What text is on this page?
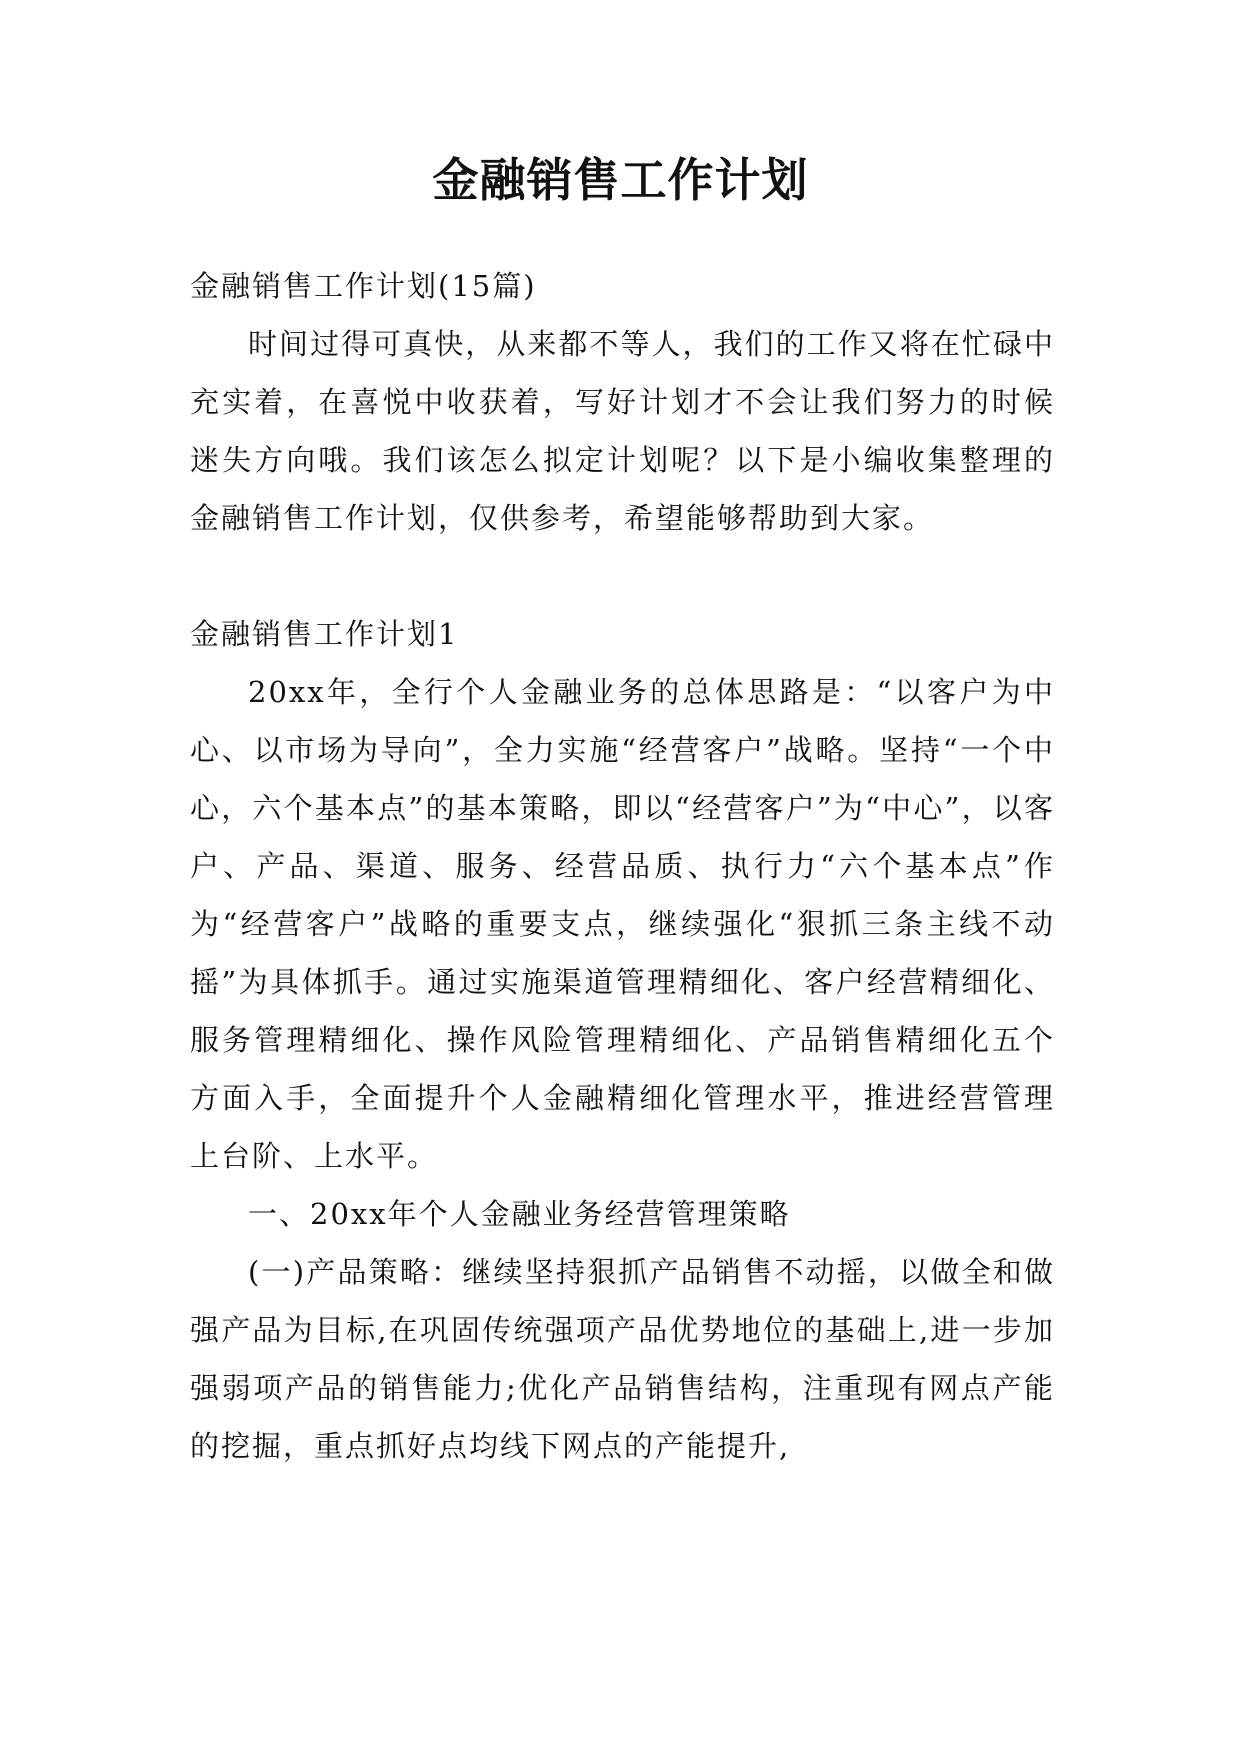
金融销售工作计划

金融销售工作计划(15篇)

时间过得可真快，从来都不等人，我们的工作又将在忙碌中充实着，在喜悦中收获着，写好计划才不会让我们努力的时候迷失方向哦。我们该怎么拟定计划呢？以下是小编收集整理的金融销售工作计划，仅供参考，希望能够帮助到大家。

金融销售工作计划1

20xx年，全行个人金融业务的总体思路是：“以客户为中心、以市场为导向”，全力实施“经营客户”战略。坚持“一个中心，六个基本点”的基本策略，即以“经营客户”为“中心”，以客户、产品、渠道、服务、经营品质、执行力“六个基本点”作为“经营客户”战略的重要支点，继续强化“狠抓三条主线不动摇”为具体抓手。通过实施渠道管理精细化、客户经营精细化、服务管理精细化、操作风险管理精细化、产品销售精细化五个方面入手，全面提升个人金融精细化管理水平，推进经营管理上台阶、上水平。

一、20xx年个人金融业务经营管理策略

(一)产品策略：继续坚持狠抓产品销售不动摇，以做全和做强产品为目标,在巩固传统强项产品优势地位的基础上,进一步加强弱项产品的销售能力;优化产品销售结构，注重现有网点产能的挖掘，重点抓好点均线下网点的产能提升,
